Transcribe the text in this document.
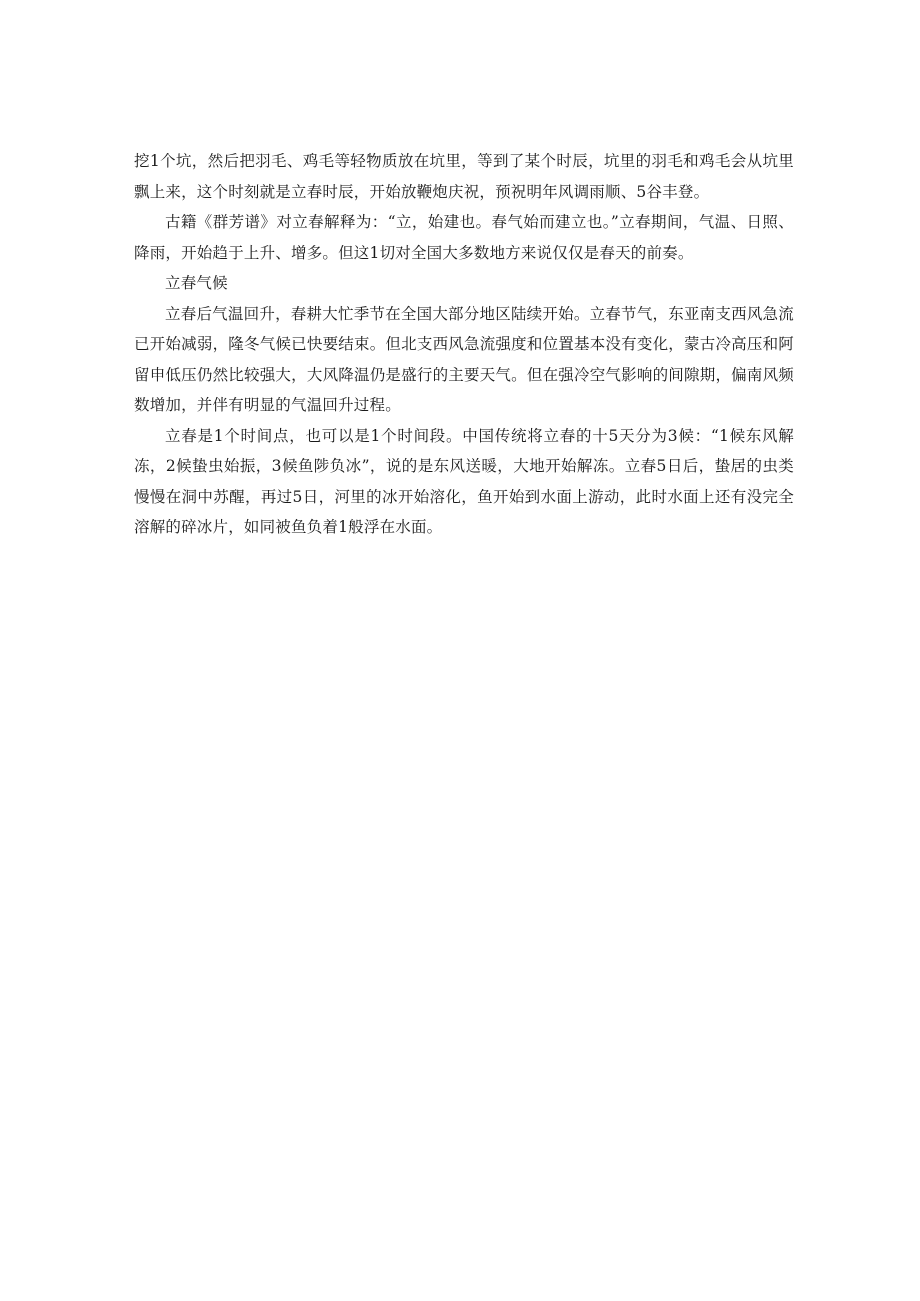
挖1个坑，然后把羽毛、鸡毛等轻物质放在坑里，等到了某个时辰，坑里的羽毛和鸡毛会从坑里飘上来，这个时刻就是立春时辰，开始放鞭炮庆祝，预祝明年风调雨顺、5谷丰登。

古籍《群芳谱》对立春解释为：“立，始建也。春气始而建立也。”立春期间，气温、日照、降雨，开始趋于上升、增多。但这1切对全国大多数地方来说仅仅是春天的前奏。

立春气候

立春后气温回升，春耕大忙季节在全国大部分地区陆续开始。立春节气，东亚南支西风急流已开始减弱，隆冬气候已快要结束。但北支西风急流强度和位置基本没有变化，蒙古冷高压和阿留申低压仍然比较强大，大风降温仍是盛行的主要天气。但在强冷空气影响的间隙期，偏南风频数增加，并伴有明显的气温回升过程。

立春是1个时间点，也可以是1个时间段。中国传统将立春的十5天分为3候：“1候东风解冻，2候蛰虫始振，3候鱼陟负冰”，说的是东风送暖，大地开始解冻。立春5日后，蛰居的虫类慢慢在洞中苏醒，再过5日，河里的冰开始溶化，鱼开始到水面上游动，此时水面上还有没完全溶解的碎冰片，如同被鱼负着1般浮在水面。
